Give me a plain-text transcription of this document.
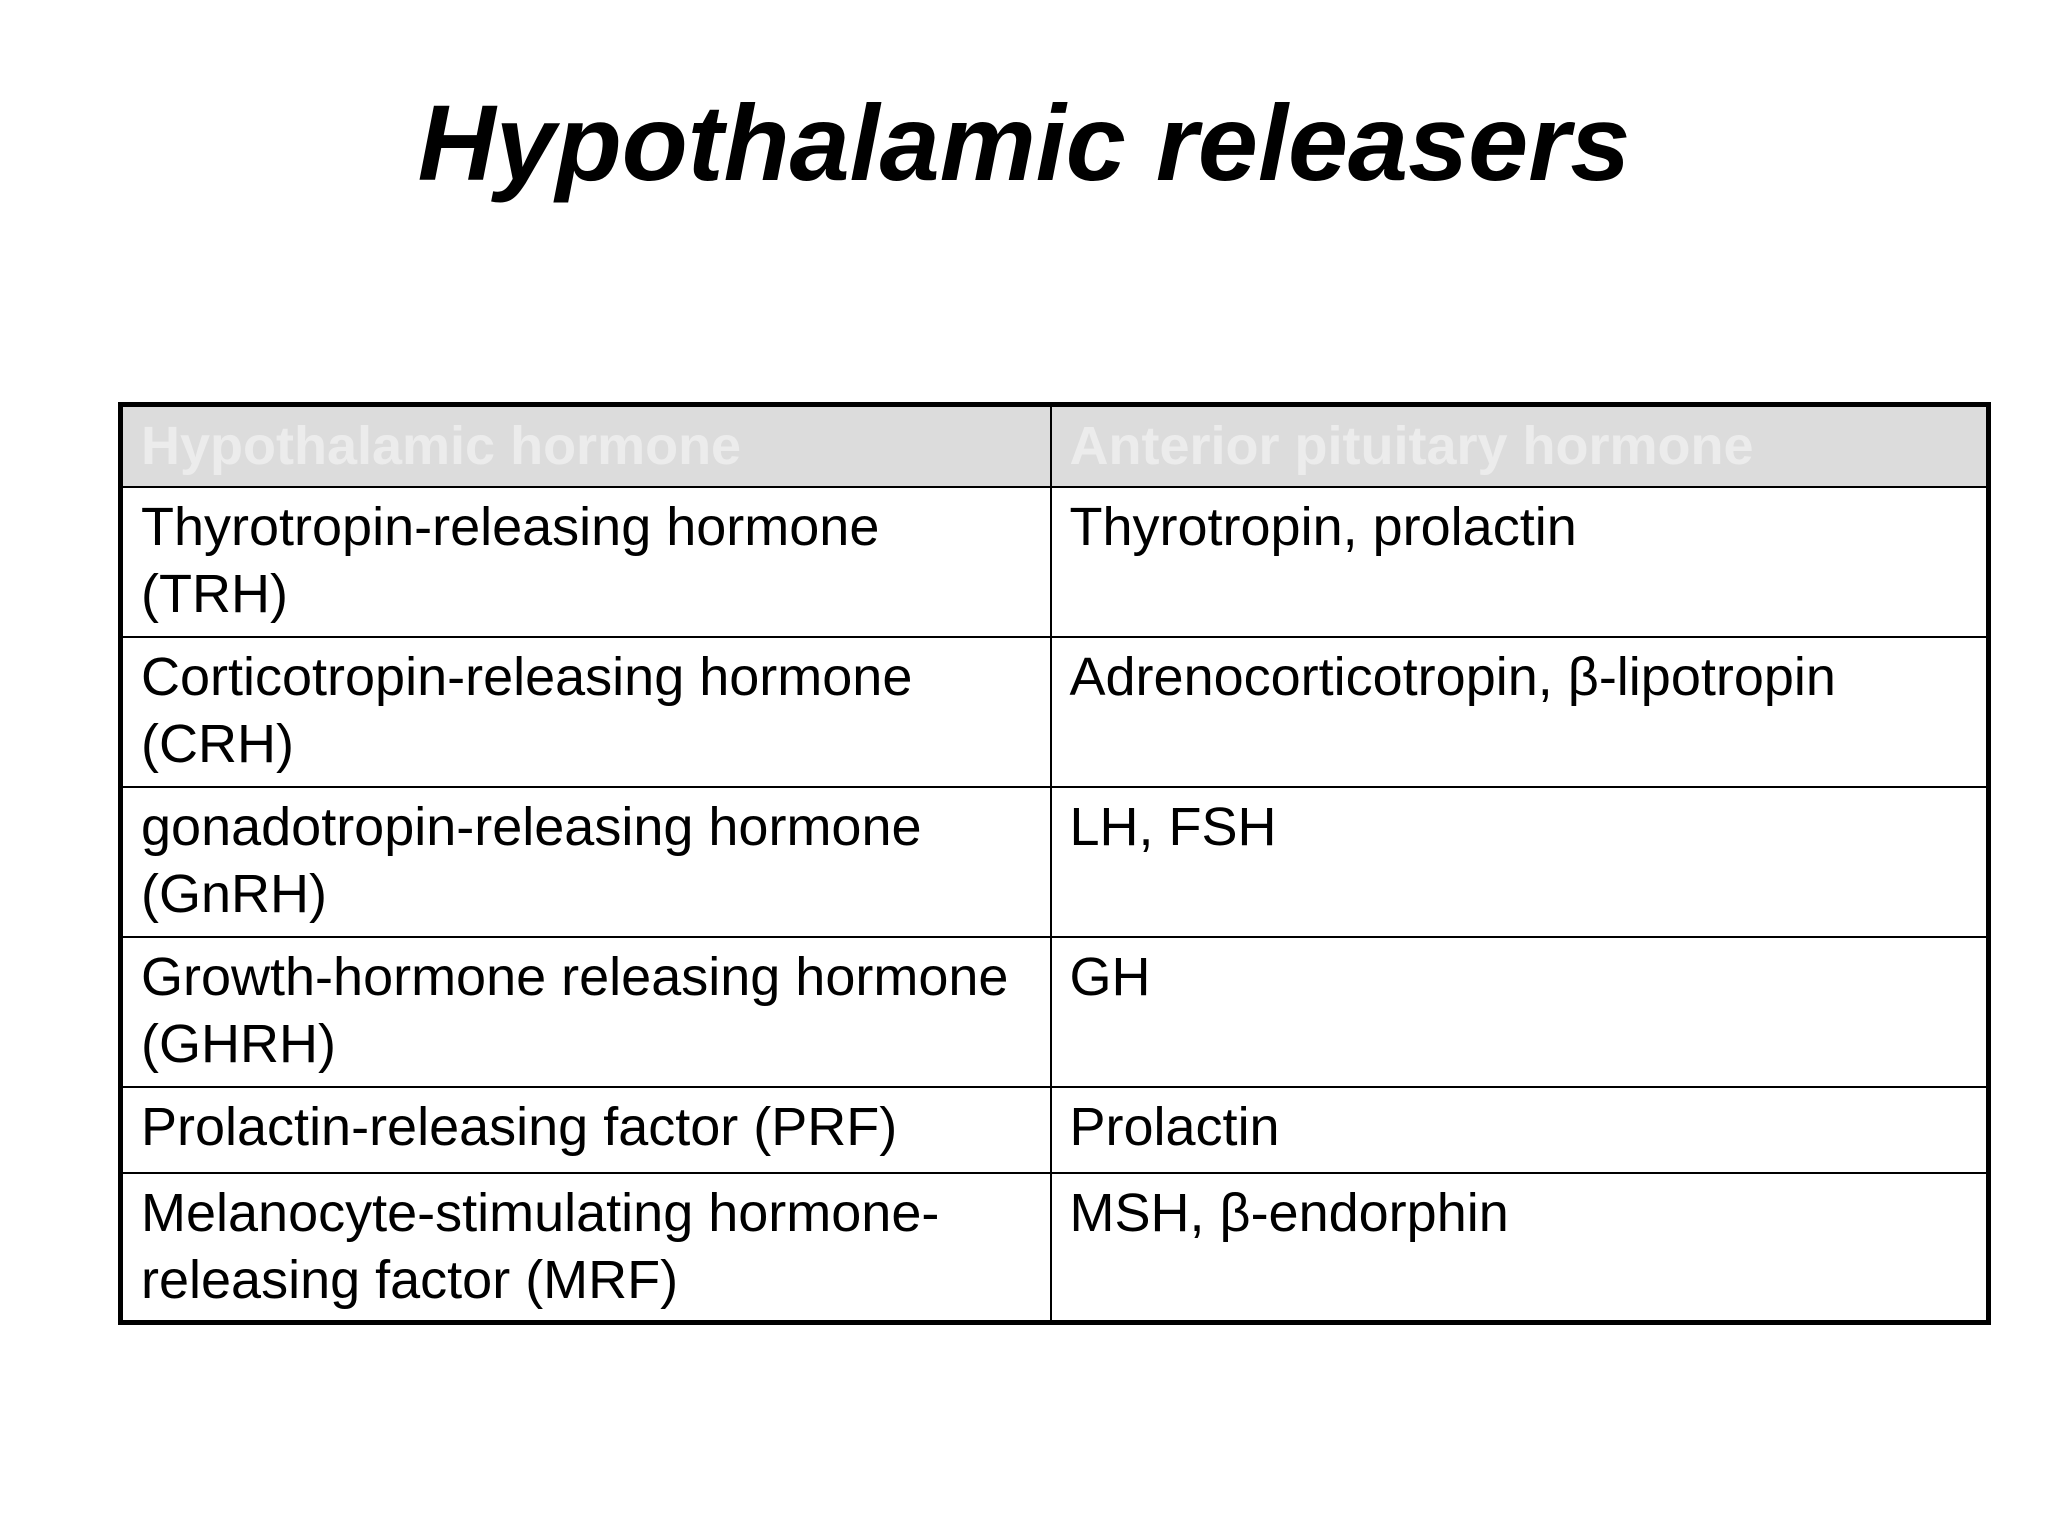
Hypothalamic releasers
Hypothalamic hormone	Anterior pituitary hormone
Thyrotropin-releasing hormone (TRH)	Thyrotropin, prolactin
Corticotropin-releasing hormone (CRH)	Adrenocorticotropin, β-lipotropin
gonadotropin-releasing hormone (GnRH)	LH, FSH
Growth-hormone releasing hormone (GHRH)	GH
Prolactin-releasing factor (PRF)	Prolactin
Melanocyte-stimulating hormone-releasing factor (MRF)	MSH, β-endorphin
